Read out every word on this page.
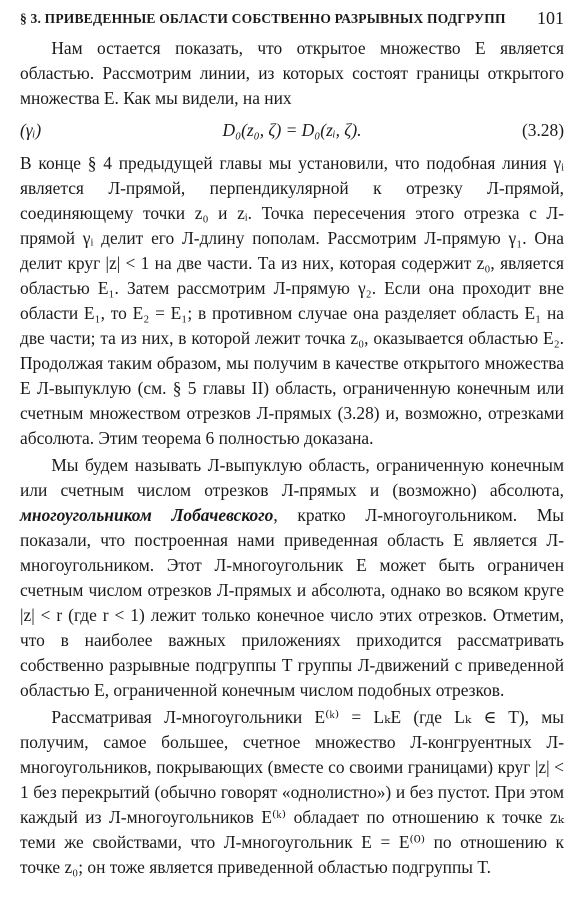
§ 3. ПРИВЕДЕННЫЕ ОБЛАСТИ СОБСТВЕННО РАЗРЫВНЫХ ПОДГРУПП 101

Нам остается показать, что открытое множество E является областью. Рассмотрим линии, из которых состоят границы открытого множества E. Как мы видели, на них

(γᵢ)	D₀(z₀, ζ) = D₀(zᵢ, ζ).	(3.28)

В конце § 4 предыдущей главы мы установили, что подобная линия γᵢ является Л-прямой, перпендикулярной к отрезку Л-прямой, соединяющему точки z₀ и zᵢ. Точка пересечения этого отрезка с Л-прямой γᵢ делит его Л-длину пополам. Рассмотрим Л-прямую γ₁. Она делит круг |z| < 1 на две части. Та из них, которая содержит z₀, является областью E₁. Затем рассмотрим Л-прямую γ₂. Если она проходит вне области E₁, то E₂ = E₁; в противном случае она разделяет область E₁ на две части; та из них, в которой лежит точка z₀, оказывается областью E₂. Продолжая таким образом, мы получим в качестве открытого множества E Л-выпуклую (см. § 5 главы II) область, ограниченную конечным или счетным множеством отрезков Л-прямых (3.28) и, возможно, отрезками абсолюта. Этим теорема 6 полностью доказана.

Мы будем называть Л-выпуклую область, ограниченную конечным или счетным числом отрезков Л-прямых и (возможно) абсолюта, многоугольником Лобачевского, кратко Л-многоугольником. Мы показали, что построенная нами приведенная область E является Л-многоугольником. Этот Л-многоугольник E может быть ограничен счетным числом отрезков Л-прямых и абсолюта, однако во всяком круге |z| < r (где r < 1) лежит только конечное число этих отрезков. Отметим, что в наиболее важных приложениях приходится рассматривать собственно разрывные подгруппы T группы Л-движений с приведенной областью E, ограниченной конечным числом подобных отрезков.

Рассматривая Л-многоугольники E⁽ᵏ⁾ = LₖE (где Lₖ ∈ T), мы получим, самое большее, счетное множество Л-конгруентных Л-многоугольников, покрывающих (вместе со своими границами) круг |z| < 1 без перекрытий (обычно говорят «однолистно») и без пустот. При этом каждый из Л-многоугольников E⁽ᵏ⁾ обладает по отношению к точке zₖ теми же свойствами, что Л-многоугольник E = E⁽⁰⁾ по отношению к точке z₀; он тоже является приведенной областью подгруппы T.
